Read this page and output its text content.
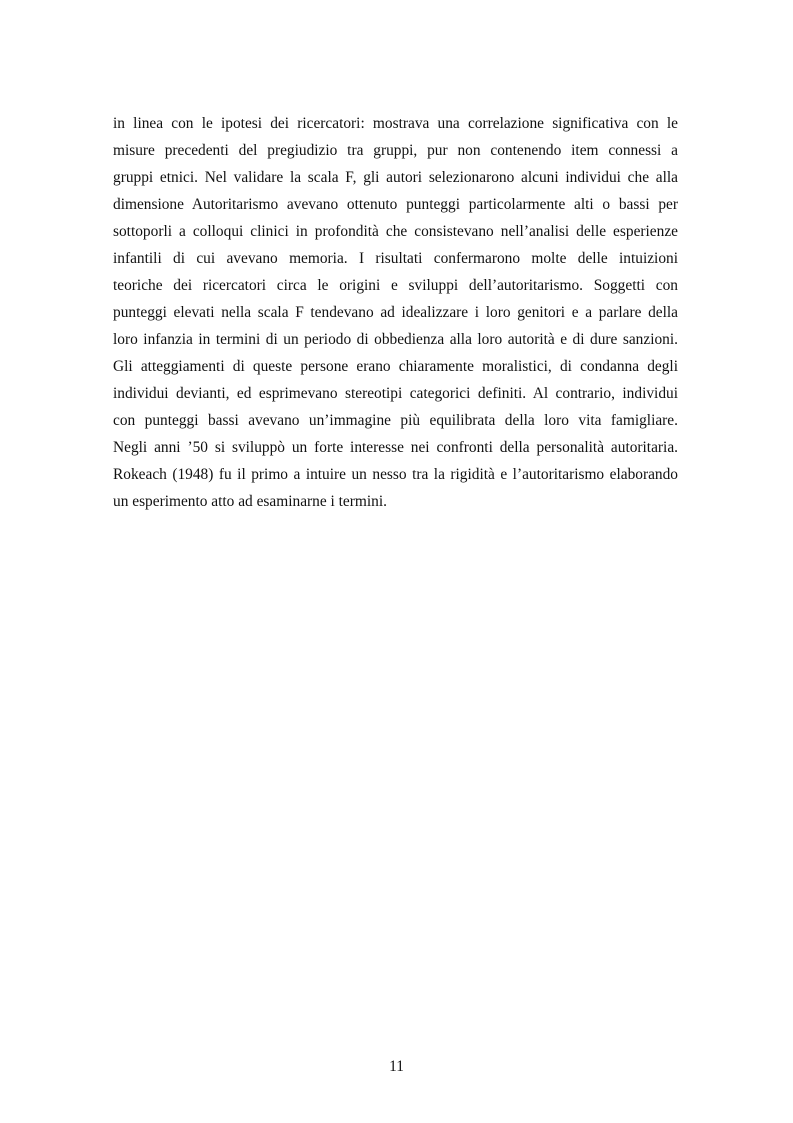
in linea con le ipotesi dei ricercatori: mostrava una correlazione significativa con le
misure precedenti del pregiudizio tra gruppi, pur non contenendo item connessi a
gruppi etnici. Nel validare la scala F, gli autori selezionarono alcuni individui che alla
dimensione Autoritarismo avevano ottenuto punteggi particolarmente alti o bassi per
sottoporli a colloqui clinici in profondità che consistevano nell’analisi delle esperienze
infantili di cui avevano memoria. I risultati confermarono molte delle intuizioni
teoriche dei ricercatori circa le origini e sviluppi dell’autoritarismo. Soggetti con
punteggi elevati nella scala F tendevano ad idealizzare i loro genitori e a parlare della
loro infanzia in termini di un periodo di obbedienza alla loro autorità e di dure sanzioni.
Gli atteggiamenti di queste persone erano chiaramente moralistici, di condanna degli
individui devianti, ed esprimevano stereotipi categorici definiti. Al contrario, individui
con punteggi bassi avevano un’immagine più equilibrata della loro vita famigliare.
Negli anni ’50 si sviluppò un forte interesse nei confronti della personalità autoritaria.
Rokeach (1948) fu il primo a intuire un nesso tra la rigidità e l’autoritarismo elaborando
un esperimento atto ad esaminarne i termini.
11
